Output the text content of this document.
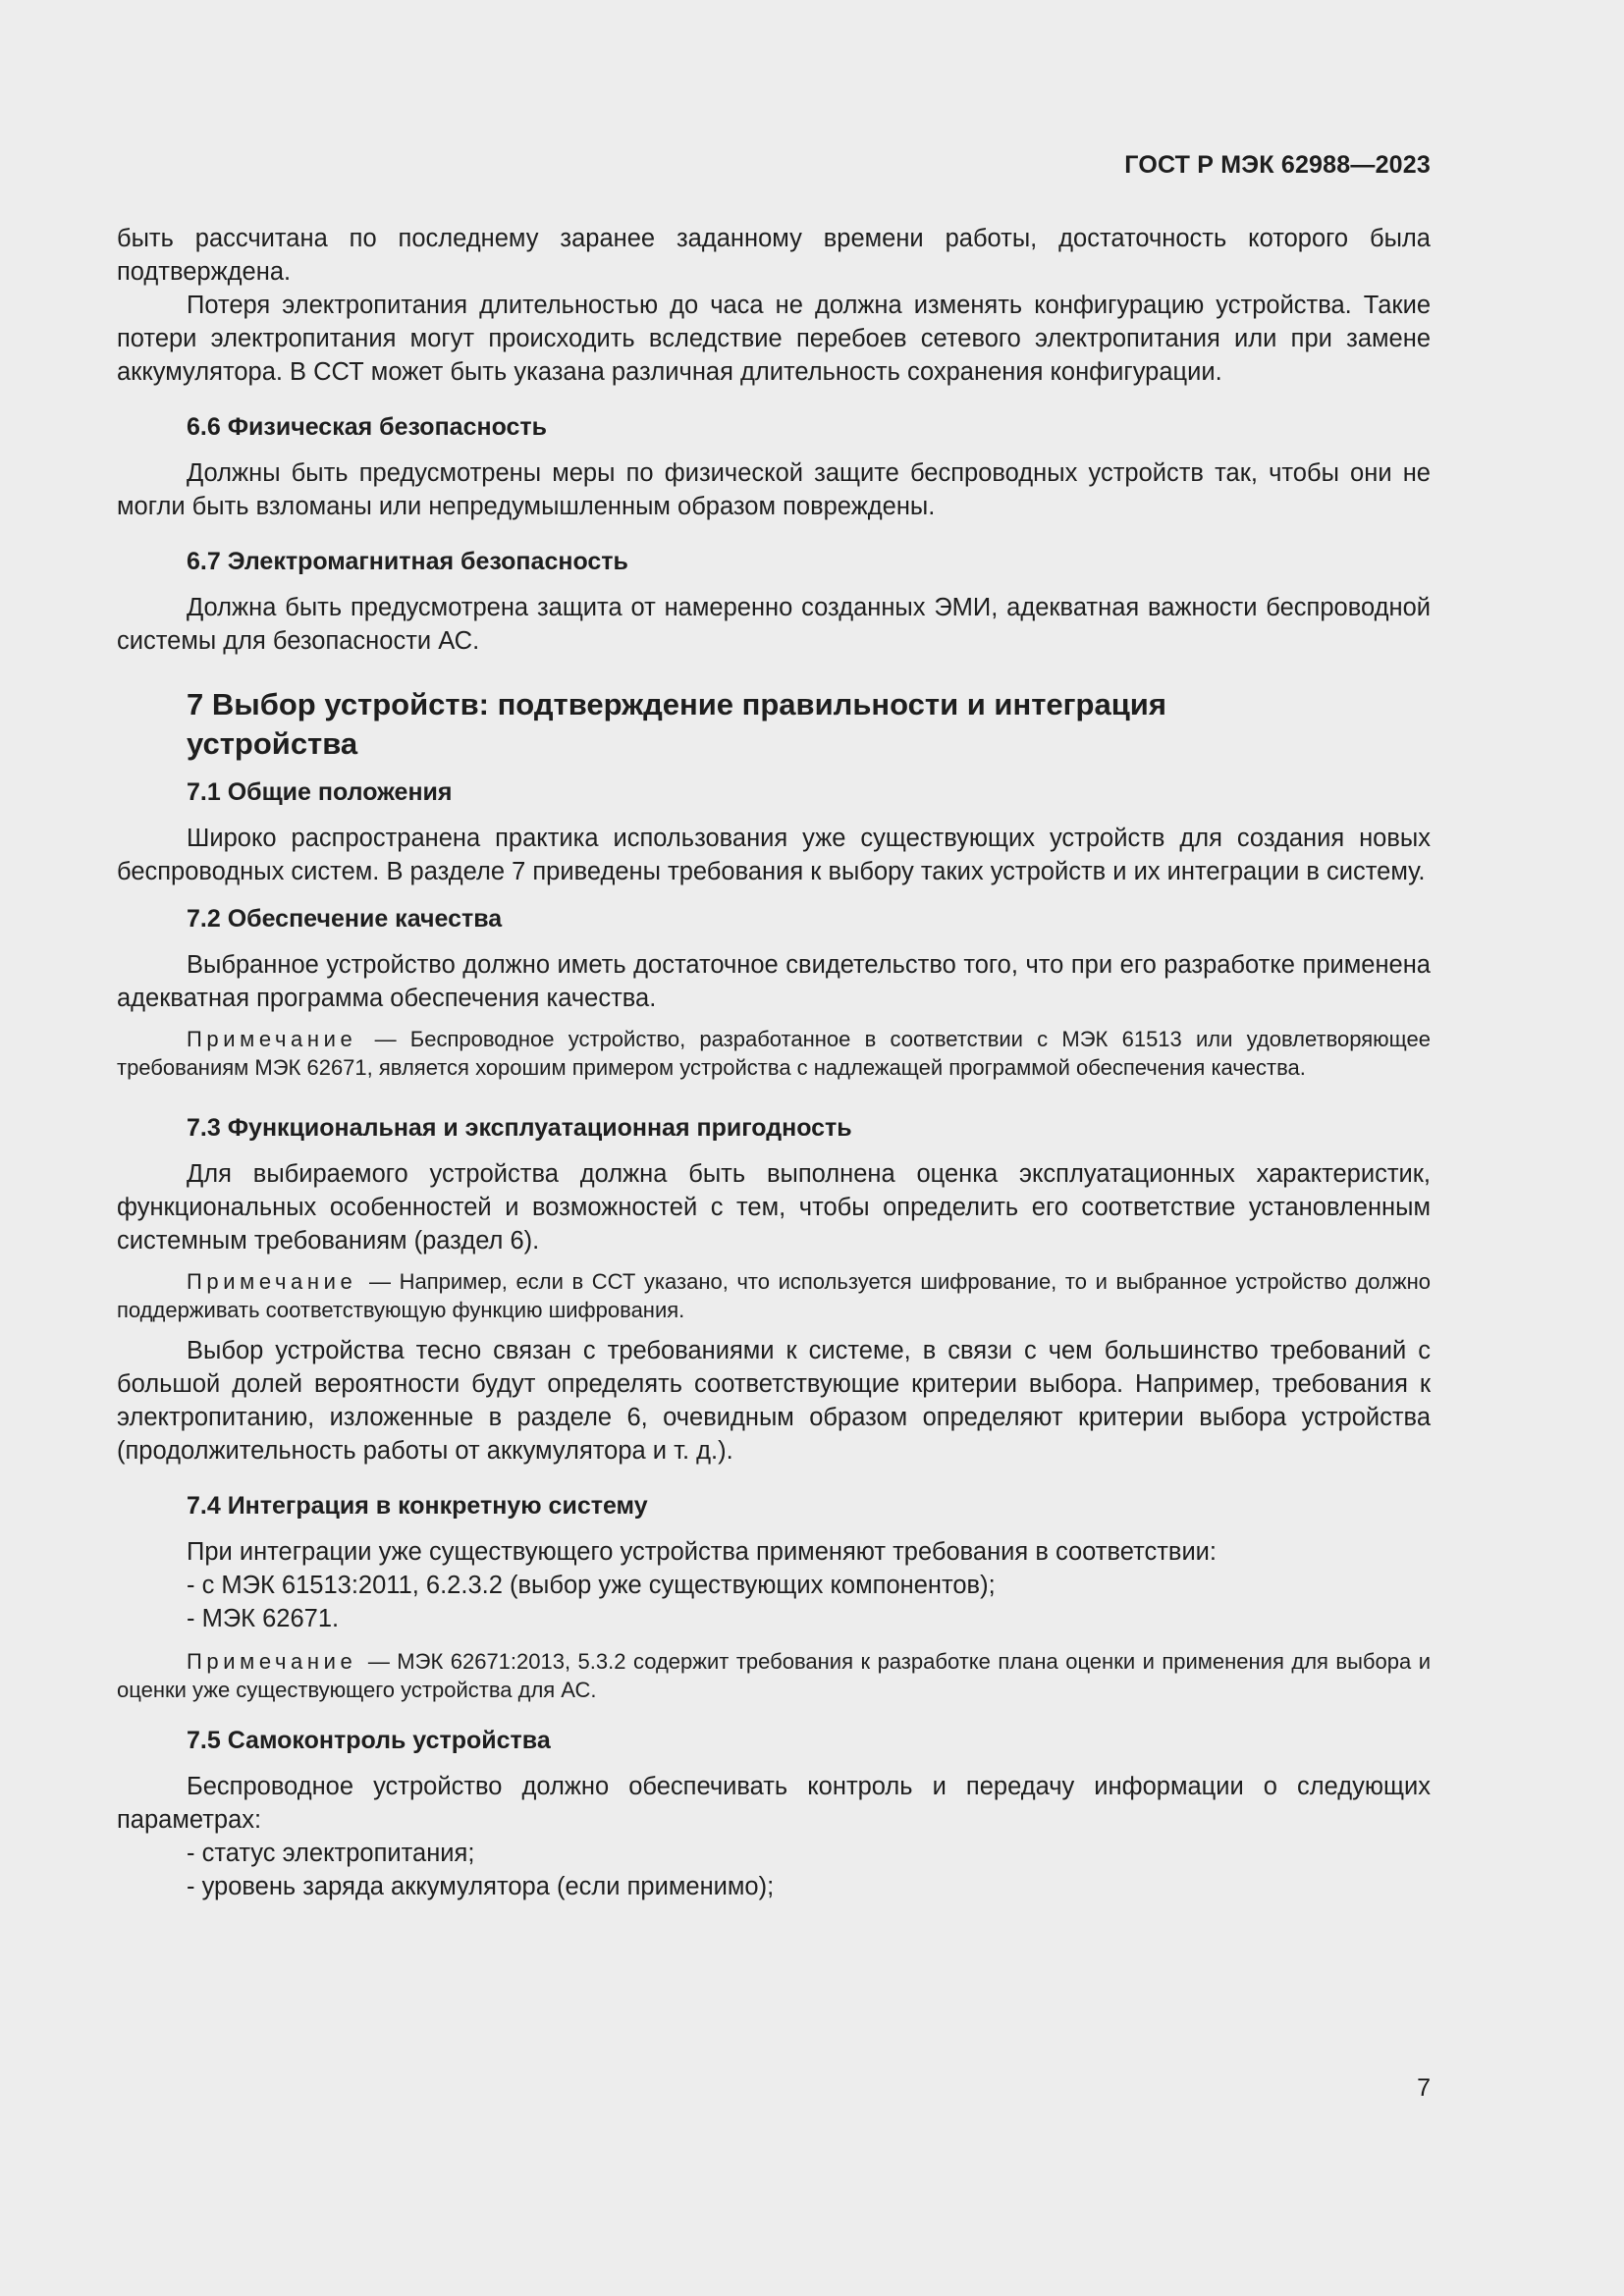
ГОСТ Р МЭК 62988—2023

быть рассчитана по последнему заранее заданному времени работы, достаточность которого была подтверждена.

Потеря электропитания длительностью до часа не должна изменять конфигурацию устройства. Такие потери электропитания могут происходить вследствие перебоев сетевого электропитания или при замене аккумулятора. В ССТ может быть указана различная длительность сохранения конфигурации.

6.6 Физическая безопасность

Должны быть предусмотрены меры по физической защите беспроводных устройств так, чтобы они не могли быть взломаны или непредумышленным образом повреждены.

6.7 Электромагнитная безопасность

Должна быть предусмотрена защита от намеренно созданных ЭМИ, адекватная важности беспроводной системы для безопасности АС.

7 Выбор устройств: подтверждение правильности и интеграция
устройства
7.1 Общие положения

Широко распространена практика использования уже существующих устройств для создания новых беспроводных систем. В разделе 7 приведены требования к выбору таких устройств и их интеграции в систему.

7.2 Обеспечение качества

Выбранное устройство должно иметь достаточное свидетельство того, что при его разработке применена адекватная программа обеспечения качества.

Примечание — Беспроводное устройство, разработанное в соответствии с МЭК 61513 или удовлетворяющее требованиям МЭК 62671, является хорошим примером устройства с надлежащей программой обеспечения качества.
7.3 Функциональная и эксплуатационная пригодность

Для выбираемого устройства должна быть выполнена оценка эксплуатационных характеристик, функциональных особенностей и возможностей с тем, чтобы определить его соответствие установленным системным требованиям (раздел 6).

Примечание — Например, если в ССТ указано, что используется шифрование, то и выбранное устройство должно поддерживать соответствующую функцию шифрования.

Выбор устройства тесно связан с требованиями к системе, в связи с чем большинство требований с большой долей вероятности будут определять соответствующие критерии выбора. Например, требования к электропитанию, изложенные в разделе 6, очевидным образом определяют критерии выбора устройства (продолжительность работы от аккумулятора и т. д.).

7.4 Интеграция в конкретную систему

При интеграции уже существующего устройства применяют требования в соответствии:

- с МЭК 61513:2011, 6.2.3.2 (выбор уже существующих компонентов);
- МЭК 62671.
Примечание — МЭК 62671:2013, 5.3.2 содержит требования к разработке плана оценки и применения для выбора и оценки уже существующего устройства для АС.
7.5 Самоконтроль устройства

Беспроводное устройство должно обеспечивать контроль и передачу информации о следующих параметрах:

- статус электропитания;
- уровень заряда аккумулятора (если применимо);
7
